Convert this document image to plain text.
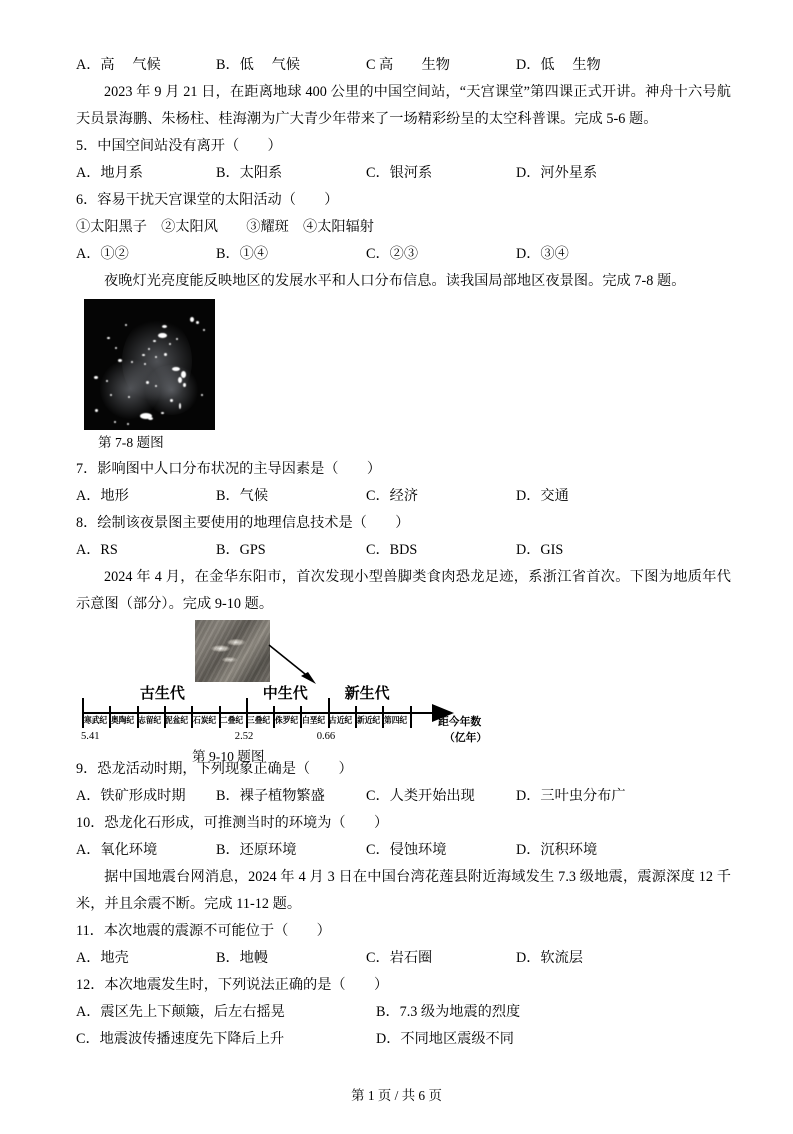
A．高　 气候

	B．低　 气候

	C 高　　生物

	D．低　 生物

2023 年 9 月 21 日，在距离地球 400 公里的中国空间站，“天宫课堂”第四课正式开讲。神舟十六号航天员景海鹏、朱杨柱、桂海潮为广大青少年带来了一场精彩纷呈的太空科普课。完成 5-6 题。
5．中国空间站没有离开（　　）

A．地月系

	B．太阳系

	C．银河系

	D．河外星系

6．容易干扰天宫课堂的太阳活动（　　）
①太阳黑子　②太阳风　　③耀斑　④太阳辐射

A．①②

	B．①④

	C．②③

	D．③④

夜晚灯光亮度能反映地区的发展水平和人口分布信息。读我国局部地区夜景图。完成 7-8 题。
第 7-8 题图
7．影响图中人口分布状况的主导因素是（　　）

A．地形

	B．气候

	C．经济

	D．交通

8．绘制该夜景图主要使用的地理信息技术是（　　）

A．RS

	B．GPS

	C．BDS

	D．GIS

2024 年 4 月，在金华东阳市，首次发现小型兽脚类食肉恐龙足迹，系浙江省首次。下图为地质年代示意图（部分）。完成 9-10 题。
古生代	中生代 新生代
寒武纪 奥陶纪 志留纪 泥盆纪 石炭纪 二叠纪 三叠纪 侏罗纪 白垩纪 古近纪 新近纪 第四纪
5.41	2.52	0.66
距今年数
（亿年）
第 9-10 题图
9．恐龙活动时期，下列现象正确是（　　）

A．铁矿形成时期

B．裸子植物繁盛

	C．人类开始出现

	D．三叶虫分布广

10．恐龙化石形成，可推测当时的环境为（　　）

A．氧化环境

	B．还原环境

	C．侵蚀环境

	D．沉积环境

据中国地震台网消息，2024 年 4 月 3 日在中国台湾花莲县附近海域发生 7.3 级地震，震源深度 12 千米，并且余震不断。完成 11-12 题。
11．本次地震的震源不可能位于（　　）

A．地壳

	B．地幔

	C．岩石圈

	D．软流层

12．本次地震发生时，下列说法正确的是（　　）

A．震区先上下颠簸，后左右摇晃

	B．7.3 级为地震的烈度

C．地震波传播速度先下降后上升

	D．不同地区震级不同

第 1 页 / 共 6 页
